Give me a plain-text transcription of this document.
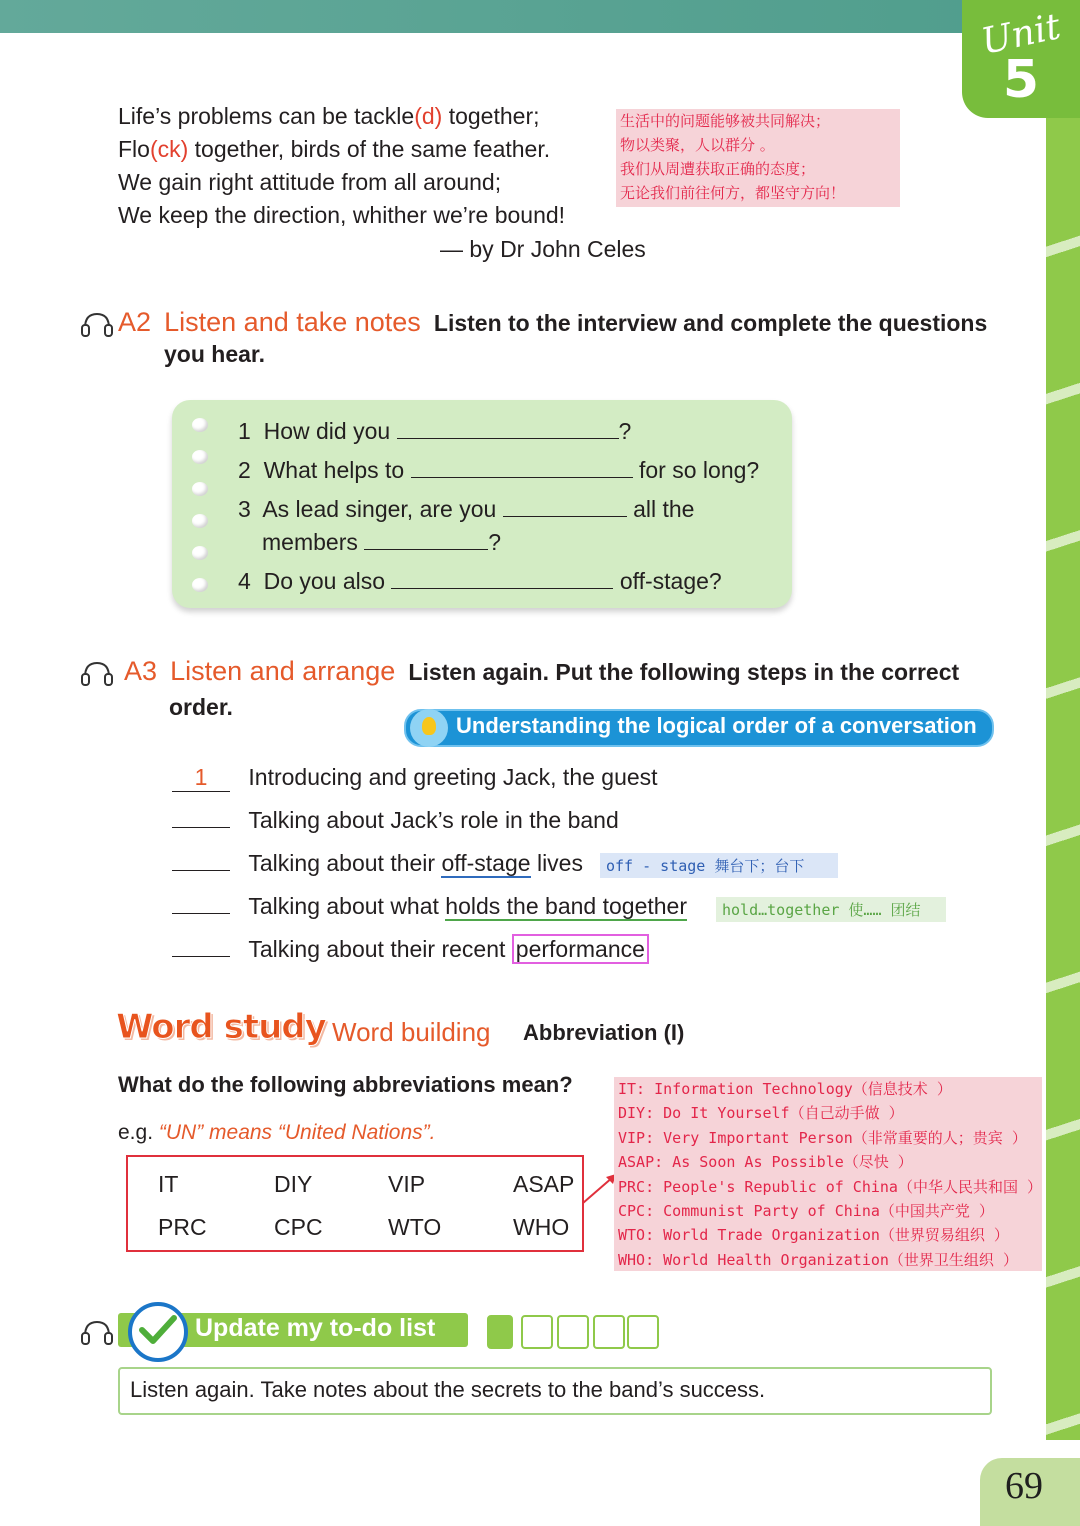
Unit
5
Life’s problems can be tackle(d) together;
Flo(ck) together, birds of the same feather.
We gain right attitude from all around;
We keep the direction, whither we’re bound!
— by Dr John Celes
生活中的问题能够被共同解决；
物以类聚，人以群分 。
我们从周遭获取正确的态度；
无论我们前往何方，都坚守方向！
A2 Listen and take notes Listen to the interview and complete the questions
you hear.
1 How did you	?
2 What helps to	for so long?
3 As lead singer, are you	all the
members	?
4 Do you also	off-stage?
A3 Listen and arrange Listen again. Put the following steps in the correct
order.
Understanding the logical order of a conversation
1 Introducing and greeting Jack, the guest
Talking about Jack’s role in the band
Talking about their off-stage lives	off - stage 舞台下；台下
Talking about what holds the band together	hold…together 使…… 团结
Talking about their recent performance
Word study Word building Abbreviation (I)
What do the following abbreviations mean?
e.g. “UN” means “United Nations”.
IT	DIY	VIP	ASAP
PRC	CPC	WTO	WHO
IT: Information Technology（信息技术 ）
DIY: Do It Yourself（自己动手做 ）
VIP: Very Important Person（非常重要的人；贵宾 ）
ASAP: As Soon As Possible（尽快 ）
PRC: People's Republic of China（中华人民共和国 ）
CPC: Communist Party of China（中国共产党 ）
WTO: World Trade Organization（世界贸易组织 ）
WHO: World Health Organization（世界卫生组织 ）
Update my to-do list
Listen again. Take notes about the secrets to the band’s success.
69
